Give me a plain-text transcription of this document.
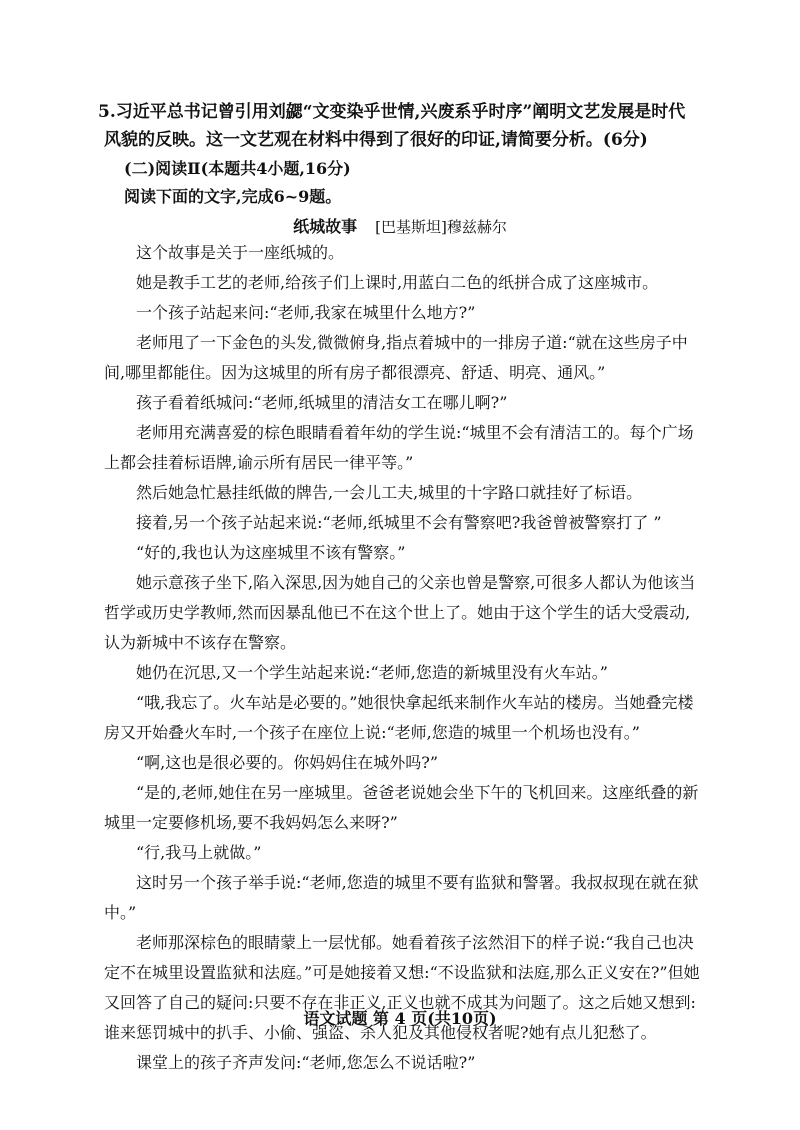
5.习近平总书记曾引用刘勰“文变染乎世情,兴废系乎时序”阐明文艺发展是时代风貌的反映。这一文艺观在材料中得到了很好的印证,请简要分析。(6分)
(二)阅读Ⅱ(本题共4小题,16分)
阅读下面的文字,完成6~9题。
纸城故事 [巴基斯坦]穆兹赫尔

这个故事是关于一座纸城的。

她是教手工艺的老师,给孩子们上课时,用蓝白二色的纸拼合成了这座城市。

一个孩子站起来问:“老师,我家在城里什么地方?”

老师甩了一下金色的头发,微微俯身,指点着城中的一排房子道:“就在这些房子中间,哪里都能住。因为这城里的所有房子都很漂亮、舒适、明亮、通风。”

孩子看着纸城问:“老师,纸城里的清洁女工在哪儿啊?”

老师用充满喜爱的棕色眼睛看着年幼的学生说:“城里不会有清洁工的。每个广场上都会挂着标语牌,谕示所有居民一律平等。”

然后她急忙悬挂纸做的牌告,一会儿工夫,城里的十字路口就挂好了标语。

接着,另一个孩子站起来说:“老师,纸城里不会有警察吧?我爸曾被警察打了 ”

“好的,我也认为这座城里不该有警察。”

她示意孩子坐下,陷入深思,因为她自己的父亲也曾是警察,可很多人都认为他该当哲学或历史学教师,然而因暴乱他已不在这个世上了。她由于这个学生的话大受震动,认为新城中不该存在警察。

她仍在沉思,又一个学生站起来说:“老师,您造的新城里没有火车站。”

“哦,我忘了。火车站是必要的。”她很快拿起纸来制作火车站的楼房。当她叠完楼房又开始叠火车时,一个孩子在座位上说:“老师,您造的城里一个机场也没有。”

“啊,这也是很必要的。你妈妈住在城外吗?”

“是的,老师,她住在另一座城里。爸爸老说她会坐下午的飞机回来。这座纸叠的新城里一定要修机场,要不我妈妈怎么来呀?”

“行,我马上就做。”

这时另一个孩子举手说:“老师,您造的城里不要有监狱和警署。我叔叔现在就在狱中。”

老师那深棕色的眼睛蒙上一层忧郁。她看着孩子泫然泪下的样子说:“我自己也决定不在城里设置监狱和法庭。”可是她接着又想:“不设监狱和法庭,那么正义安在?”但她又回答了自己的疑问:只要不存在非正义,正义也就不成其为问题了。这之后她又想到:谁来惩罚城中的扒手、小偷、强盗、杀人犯及其他侵权者呢?她有点儿犯愁了。

课堂上的孩子齐声发问:“老师,您怎么不说话啦?”

语文试题 第 4 页(共10页)
